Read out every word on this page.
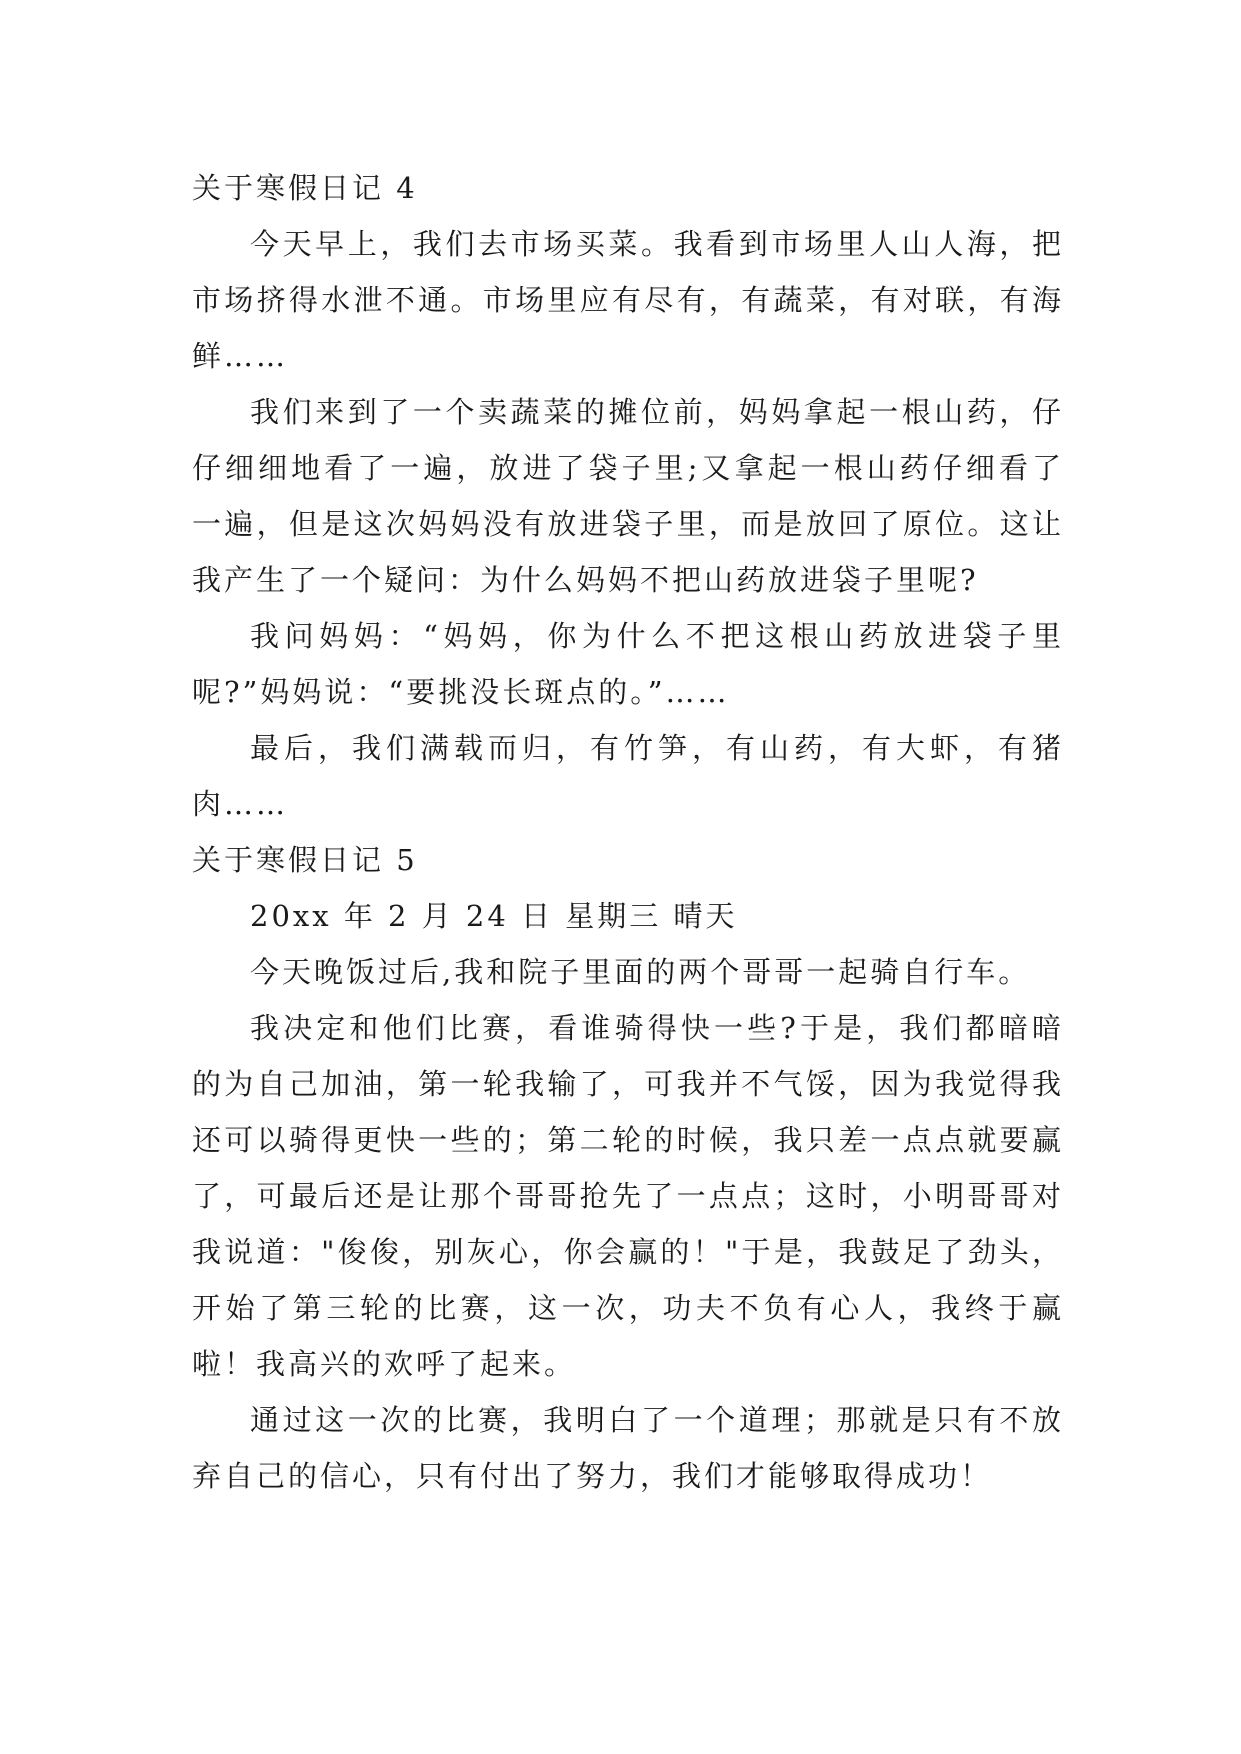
关于寒假日记 4

今天早上，我们去市场买菜。我看到市场里人山人海，把市场挤得水泄不通。市场里应有尽有，有蔬菜，有对联，有海鲜……

我们来到了一个卖蔬菜的摊位前，妈妈拿起一根山药，仔仔细细地看了一遍，放进了袋子里;又拿起一根山药仔细看了一遍，但是这次妈妈没有放进袋子里，而是放回了原位。这让我产生了一个疑问：为什么妈妈不把山药放进袋子里呢?

我问妈妈：“妈妈，你为什么不把这根山药放进袋子里呢?”妈妈说：“要挑没长斑点的。”……

最后，我们满载而归，有竹笋，有山药，有大虾，有猪肉……

关于寒假日记 5

20xx 年 2 月 24 日 星期三 晴天

今天晚饭过后,我和院子里面的两个哥哥一起骑自行车。

我决定和他们比赛，看谁骑得快一些?于是，我们都暗暗的为自己加油，第一轮我输了，可我并不气馁，因为我觉得我还可以骑得更快一些的；第二轮的时候，我只差一点点就要赢了，可最后还是让那个哥哥抢先了一点点；这时，小明哥哥对我说道："俊俊，别灰心，你会赢的！"于是，我鼓足了劲头，开始了第三轮的比赛，这一次，功夫不负有心人，我终于赢啦！我高兴的欢呼了起来。

通过这一次的比赛，我明白了一个道理；那就是只有不放弃自己的信心，只有付出了努力，我们才能够取得成功！
